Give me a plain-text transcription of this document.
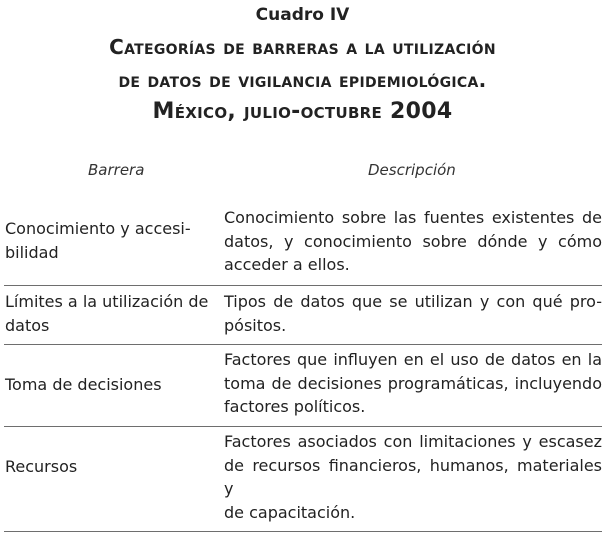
Cuadro IV
Categorías de barreras a la utilización
de datos de vigilancia epidemiológica.
México, julio-octubre 2004
Barrera	Descripción
Conocimiento y accesi-
bilidad
Conocimiento sobre las fuentes existentes de
datos, y conocimiento sobre dónde y cómo
acceder a ellos.
Límites a la utilización de
datos
Tipos de datos que se utilizan y con qué pro-
pósitos.
Toma de decisiones
Factores que influyen en el uso de datos en la
toma de decisiones programáticas, incluyendo
factores políticos.
Recursos
Factores asociados con limitaciones y escasez
de recursos financieros, humanos, materiales y
de capacitación.
